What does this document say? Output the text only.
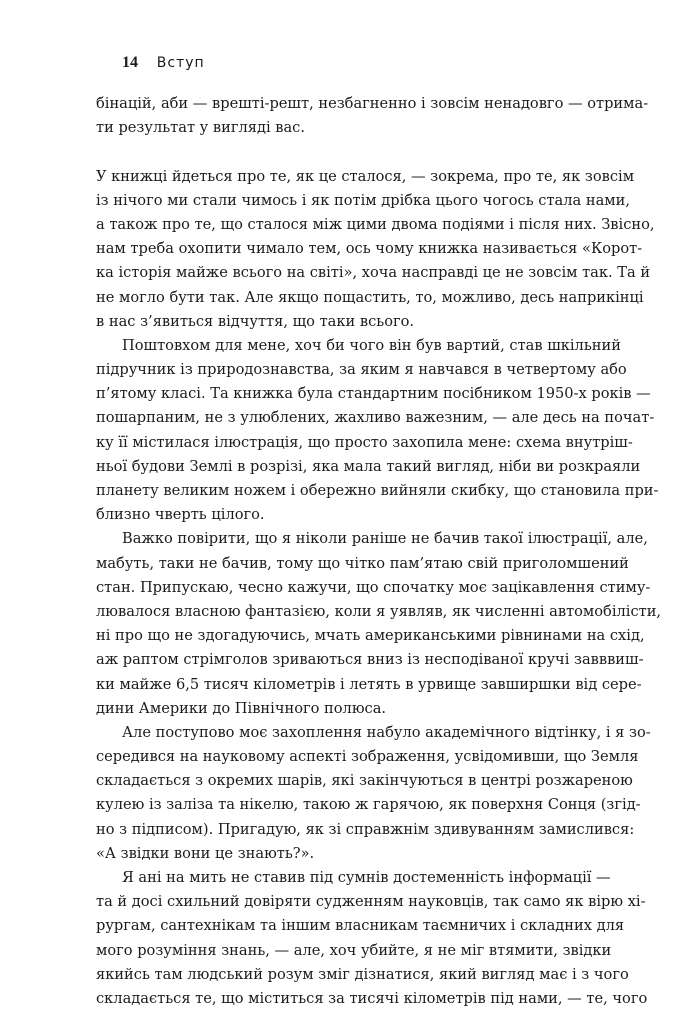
14 Вступ
бінацій, аби — врешті-решт, незбагненно і зовсім ненадовго — отрима-
ти результат у вигляді вас.
У книжці йдеться про те, як це сталося, — зокрема, про те, як зовсім
із нічого ми стали чимось і як потім дрібка цього чогось стала нами,
а також про те, що сталося між цими двома подіями і після них. Звісно,
нам треба охопити чимало тем, ось чому книжка називається «Корот-
ка історія майже всього на світі», хоча насправді це не зовсім так. Та й
не могло бути так. Але якщо пощастить, то, можливо, десь наприкінці
в нас з’явиться відчуття, що таки всього.
Поштовхом для мене, хоч би чого він був вартий, став шкільний
підручник із природознавства, за яким я навчався в четвертому або
п’ятому класі. Та книжка була стандартним посібником 1950-х років —
пошарпаним, не з улюблених, жахливо важезним, — але десь на почат-
ку її містилася ілюстрація, що просто захопила мене: схема внутріш-
ньої будови Землі в розрізі, яка мала такий вигляд, ніби ви розкраяли
планету великим ножем і обережно вийняли скибку, що становила при-
близно чверть цілого.
Важко повірити, що я ніколи раніше не бачив такої ілюстрації, але,
мабуть, таки не бачив, тому що чітко пам’ятаю свій приголомшений
стан. Припускаю, чесно кажучи, що спочатку моє зацікавлення стиму-
лювалося власною фантазією, коли я уявляв, як численні автомобілісти,
ні про що не здогадуючись, мчать американськими рівнинами на схід,
аж раптом стрімголов зриваються вниз із несподіваної кручі завввиш-
ки майже 6,5 тисяч кілометрів і летять в урвище завширшки від сере-
дини Америки до Північного полюса.
Але поступово моє захоплення набуло академічного відтінку, і я зо-
середився на науковому аспекті зображення, усвідомивши, що Земля
складається з окремих шарів, які закінчуються в центрі розжареною
кулею із заліза та нікелю, такою ж гарячою, як поверхня Сонця (згід-
но з підписом). Пригадую, як зі справжнім здивуванням замислився:
«А звідки вони це знають?».
Я ані на мить не ставив під сумнів достеменність інформації —
та й досі схильний довіряти судженням науковців, так само як вірю хі-
рургам, сантехнікам та іншим власникам таємничих і складних для
мого розуміння знань, — але, хоч убийте, я не міг втямити, звідки
якийсь там людський розум зміг дізнатися, який вигляд має і з чого
складається те, що міститься за тисячі кілометрів під нами, — те, чого
